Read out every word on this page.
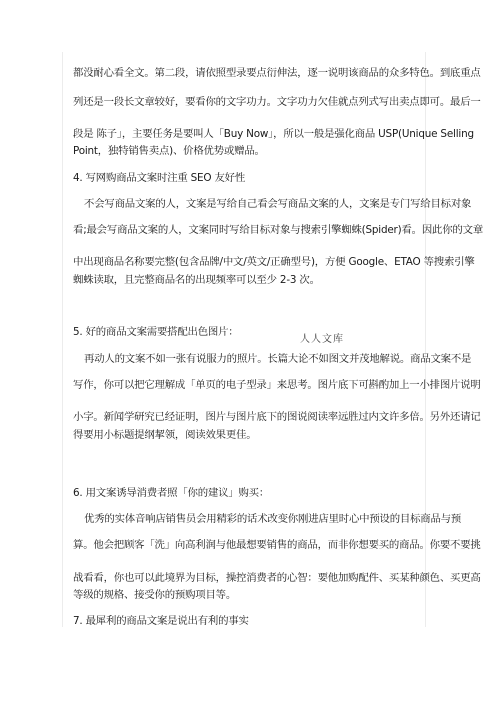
都没耐心看全文。第二段，请依照型录要点衍伸法，逐一说明该商品的众多特色。到底重点
列还是一段长文章较好，要看你的文字功力。文字功力欠佳就点列式写出卖点即可。最后一
段是 陈子」，主要任务是要叫人「Buy Now」，所以一般是强化商品 USP(Unique Selling
Point，独特销售卖点)、价格优势或赠品。
4. 写网购商品文案时注重 SEO 友好性
不会写商品文案的人，文案是写给自己看会写商品文案的人，文案是专门写给目标对象
看;最会写商品文案的人，文案同时写给目标对象与搜索引擎蜘蛛(Spider)看。因此你的文章
中出现商品名称要完整(包含品牌/中文/英文/正确型号)，方便 Google、ETAO 等搜索引擎
蜘蛛读取，且完整商品名的出现频率可以至少 2-3 次。
5. 好的商品文案需要搭配出色图片：
再动人的文案不如一张有说服力的照片。长篇大论不如图文并茂地解说。商品文案不是
写作，你可以把它理解成「单页的电子型录」来思考。图片底下可斟酌加上一小排图片说明
小字。新闻学研究已经证明，图片与图片底下的图说阅读率远胜过内文许多倍。另外还请记
得要用小标题提纲挈领，阅读效果更佳。
6. 用文案诱导消费者照「你的建议」购买：
优秀的实体音响店销售员会用精彩的话术改变你刚进店里时心中预设的目标商品与预
算。他会把顾客「洗」向高利润与他最想要销售的商品，而非你想要买的商品。你要不要挑
战看看，你也可以此境界为目标，操控消费者的心智：要他加购配件、买某种颜色、买更高
等级的规格、接受你的预购项目等。
7. 最犀利的商品文案是说出有利的事实
人人文库
